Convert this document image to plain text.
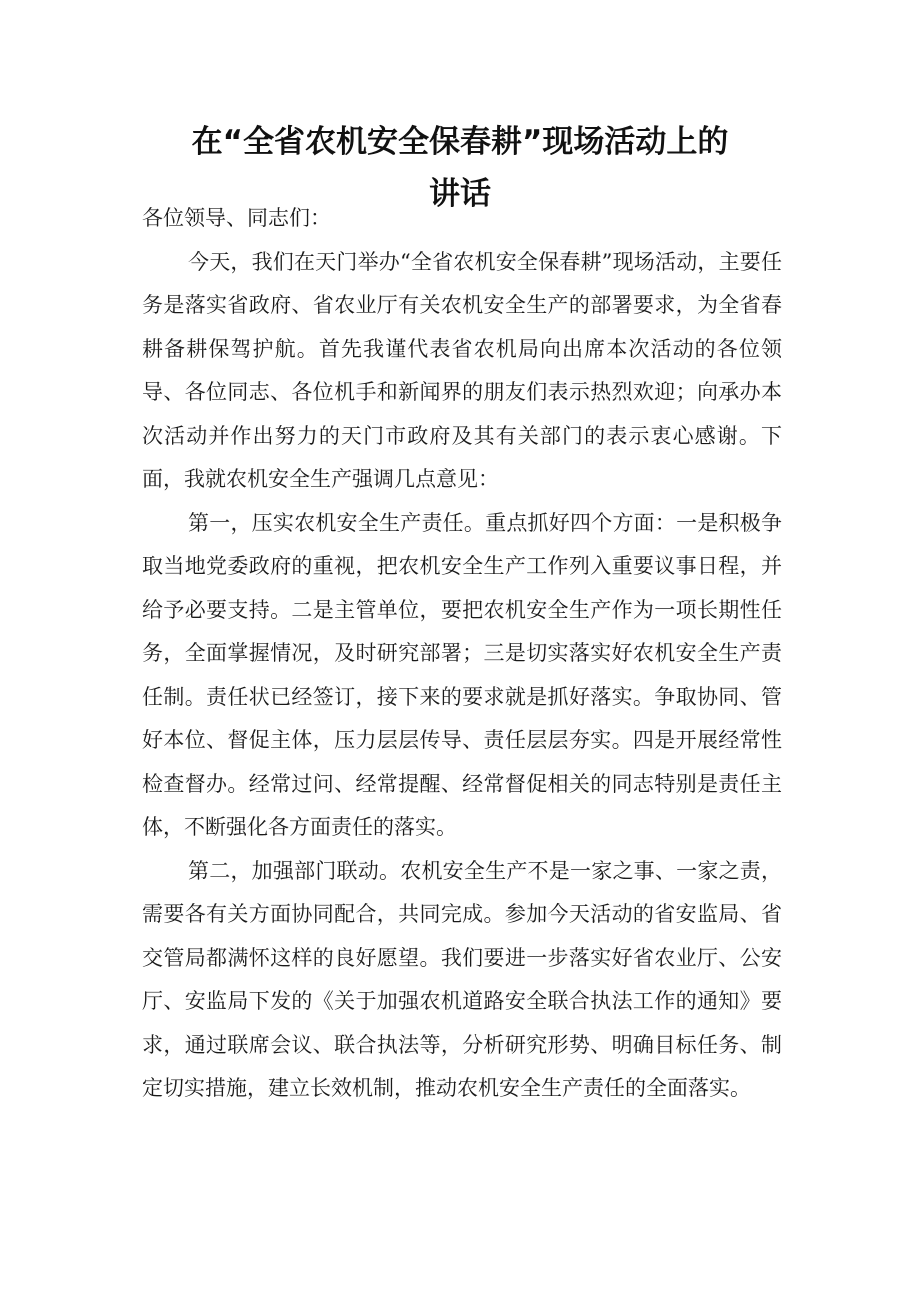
在“全省农机安全保春耕”现场活动上的
讲话

各位领导、同志们：

今天，我们在天门举办“全省农机安全保春耕”现场活动，主要任务是落实省政府、省农业厅有关农机安全生产的部署要求，为全省春耕备耕保驾护航。首先我谨代表省农机局向出席本次活动的各位领导、各位同志、各位机手和新闻界的朋友们表示热烈欢迎；向承办本次活动并作出努力的天门市政府及其有关部门的表示衷心感谢。下面，我就农机安全生产强调几点意见：

第一，压实农机安全生产责任。重点抓好四个方面：一是积极争取当地党委政府的重视，把农机安全生产工作列入重要议事日程，并给予必要支持。二是主管单位，要把农机安全生产作为一项长期性任务，全面掌握情况，及时研究部署；三是切实落实好农机安全生产责任制。责任状已经签订，接下来的要求就是抓好落实。争取协同、管好本位、督促主体，压力层层传导、责任层层夯实。四是开展经常性检查督办。经常过问、经常提醒、经常督促相关的同志特别是责任主体，不断强化各方面责任的落实。

第二，加强部门联动。农机安全生产不是一家之事、一家之责，需要各有关方面协同配合，共同完成。参加今天活动的省安监局、省交管局都满怀这样的良好愿望。我们要进一步落实好省农业厅、公安厅、安监局下发的《关于加强农机道路安全联合执法工作的通知》要求，通过联席会议、联合执法等，分析研究形势、明确目标任务、制定切实措施，建立长效机制，推动农机安全生产责任的全面落实。
